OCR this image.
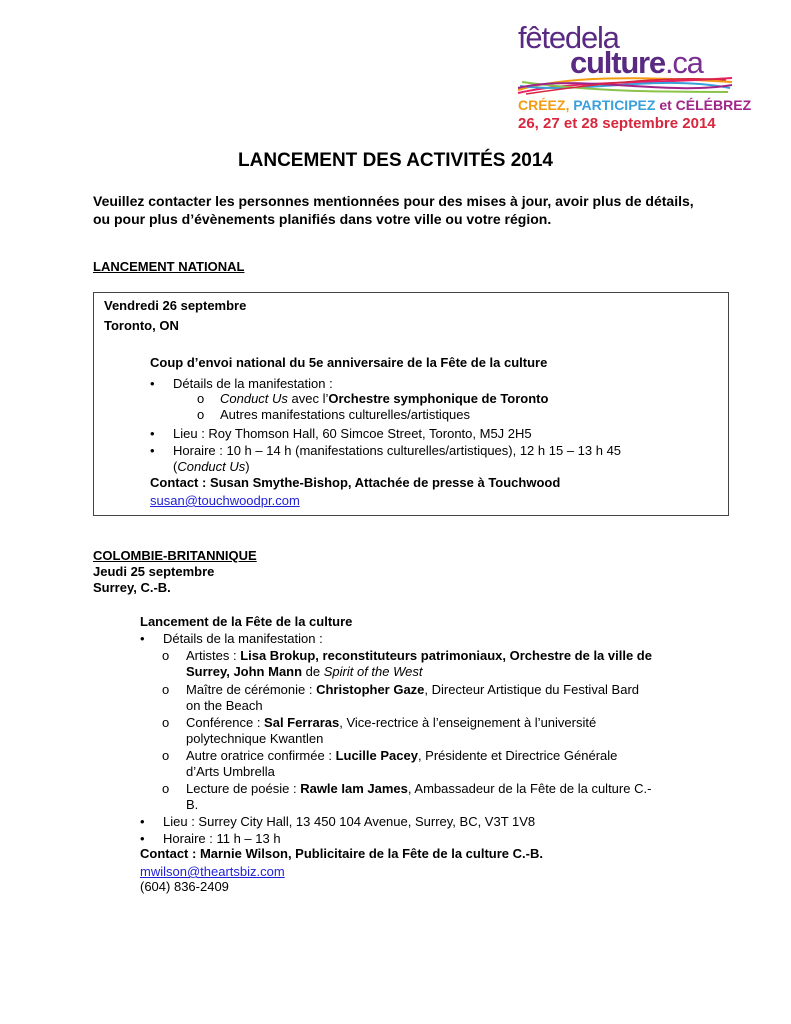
fêtedela
culture.ca
CRÉEZ, PARTICIPEZ et CÉLÉBREZ
26, 27 et 28 septembre 2014
LANCEMENT DES ACTIVITÉS 2014
Veuillez contacter les personnes mentionnées pour des mises à jour, avoir plus de détails, ou pour plus d’évènements planifiés dans votre ville ou votre région.
LANCEMENT NATIONAL
Vendredi 26 septembre
Toronto, ON
Coup d’envoi national du 5e anniversaire de la Fête de la culture
• Détails de la manifestation :
o Conduct Us avec l’Orchestre symphonique de Toronto
o Autres manifestations culturelles/artistiques
• Lieu : Roy Thomson Hall, 60 Simcoe Street, Toronto, M5J 2H5
• Horaire : 10 h – 14 h (manifestations culturelles/artistiques), 12 h 15 – 13 h 45
(Conduct Us)
Contact : Susan Smythe-Bishop, Attachée de presse à Touchwood
susan@touchwoodpr.com
COLOMBIE-BRITANNIQUE
Jeudi 25 septembre
Surrey, C.-B.
Lancement de la Fête de la culture
• Détails de la manifestation :
o Artistes : Lisa Brokup, reconstituteurs patrimoniaux, Orchestre de la ville de
Surrey, John Mann de Spirit of the West
o Maître de cérémonie : Christopher Gaze, Directeur Artistique du Festival Bard
on the Beach
o Conférence : Sal Ferraras, Vice-rectrice à l’enseignement à l’université
polytechnique Kwantlen
o Autre oratrice confirmée : Lucille Pacey, Présidente et Directrice Générale
d’Arts Umbrella
o Lecture de poésie : Rawle Iam James, Ambassadeur de la Fête de la culture C.-
B.
• Lieu : Surrey City Hall, 13 450 104 Avenue, Surrey, BC, V3T 1V8
• Horaire : 11 h – 13 h
Contact : Marnie Wilson, Publicitaire de la Fête de la culture C.-B.
mwilson@theartsbiz.com
(604) 836-2409
